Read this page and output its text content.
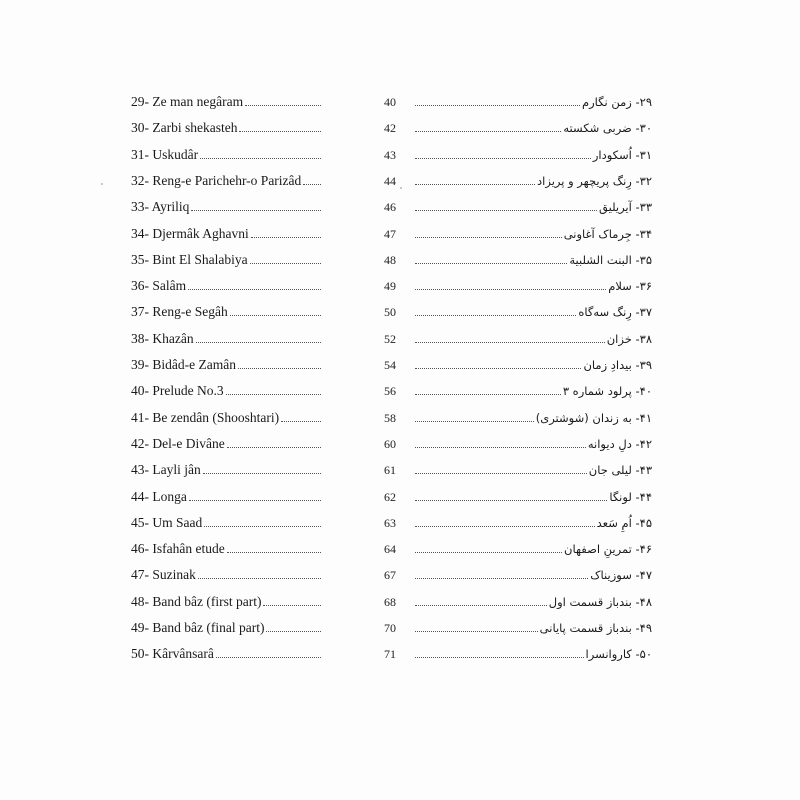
29- Ze man negâram	40	۲۹- زمن نگارم
30- Zarbi shekasteh	42	۳۰- ضربی شکسته
31- Uskudâr	43	۳۱- اُسکودار
32- Reng-e Parichehr-o Parizâd	44	۳۲- رِنگ پریچهر و پریزاد
33- Ayriliq	46	۳۳- آیریلیق
34- Djermâk Aghavni	47	۳۴- جِرماک آغاونی
35- Bint El Shalabiya	48	۳۵- البنت الشلبیة
36- Salâm	49	۳۶- سلام
37- Reng-e Segâh	50	۳۷- رِنگ سه‌گاه
38- Khazân	52	۳۸- خزان
39- Bidâd-e Zamân	54	۳۹- بیدادِ زمان
40- Prelude No.3	56	۴۰- پرلود شماره ۳
41- Be zendân (Shooshtari)	58	۴۱- به زندان (شوشتری)
42- Del-e Divâne	60	۴۲- دلِ دیوانه
43- Layli jân	61	۴۳- لیلی جان
44- Longa	62	۴۴- لونگا
45- Um Saad	63	۴۵- اُمِ سَعد
46- Isfahân etude	64	۴۶- تمرینِ اصفهان
47- Suzinak	67	۴۷- سوزیناک
48- Band bâz (first part)	68	۴۸- بندباز قسمت اول
49- Band bâz (final part)	70	۴۹- بندباز قسمت پایانی
50- Kârvânsarâ	71	۵۰- کاروانسرا
